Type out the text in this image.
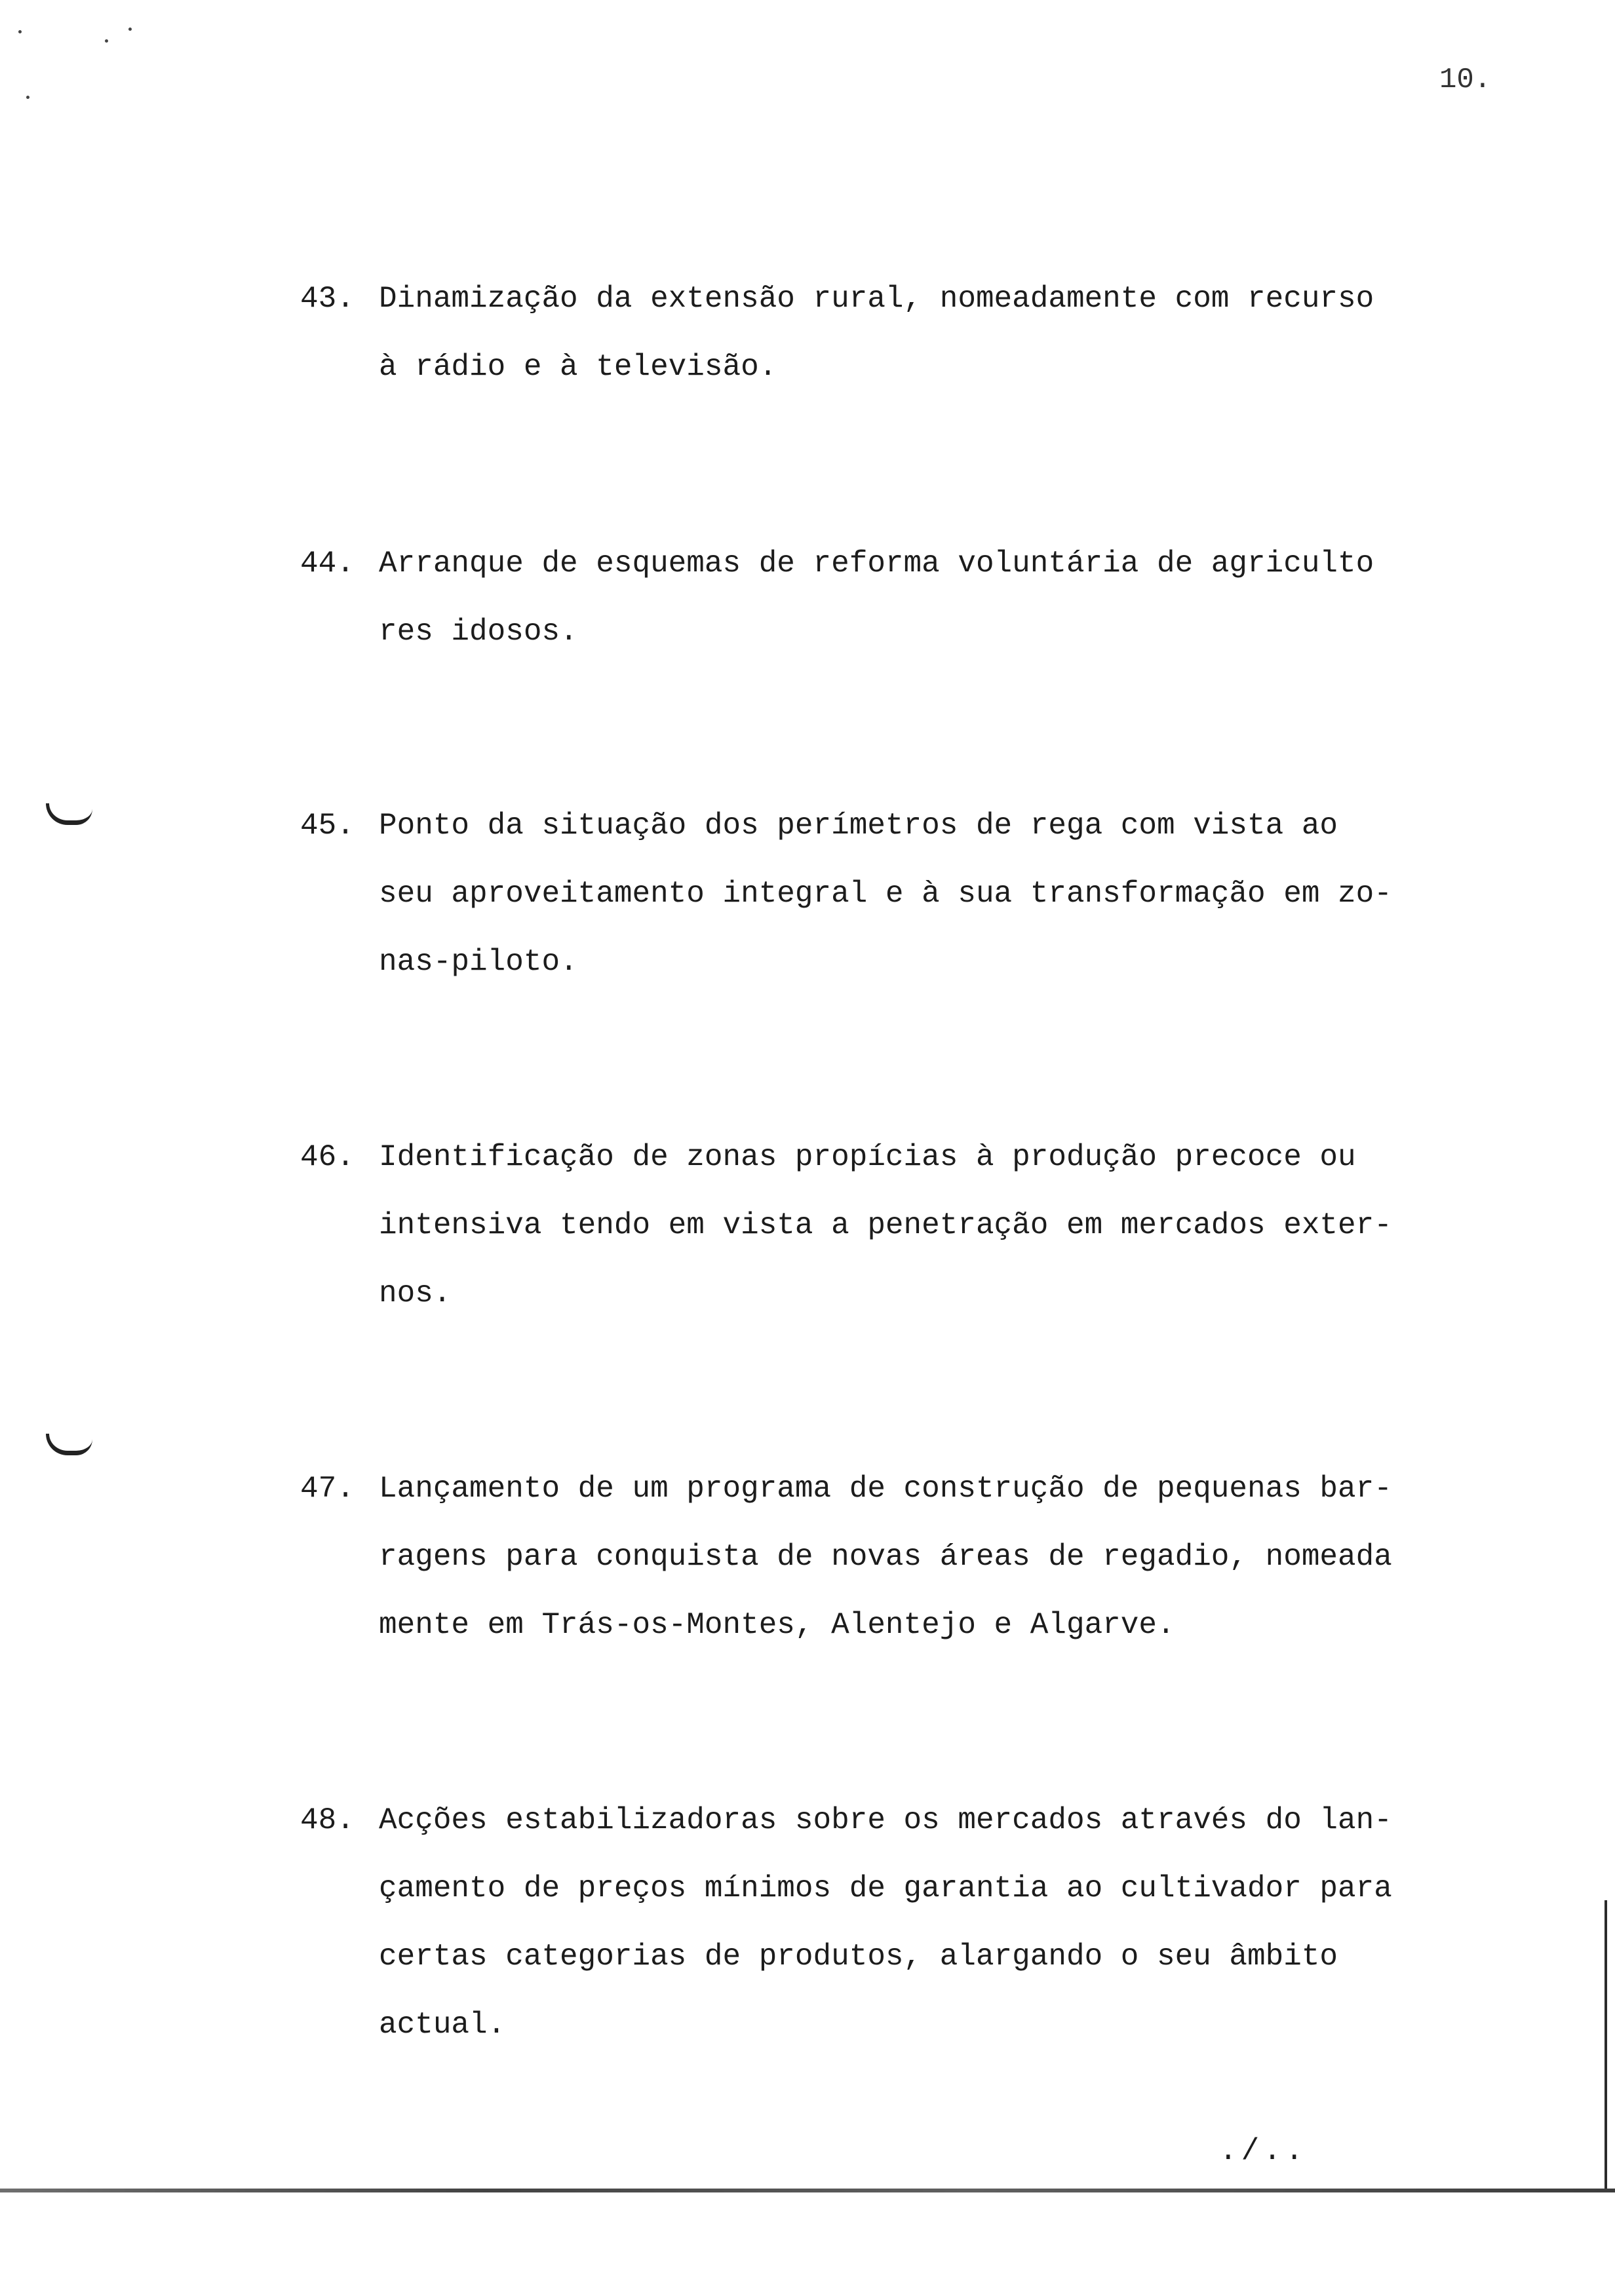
10.
43. Dinamização da extensão rural, nomeadamente com recurso
à rádio e à televisão.
44. Arranque de esquemas de reforma voluntária de agriculto
res idosos.
45. Ponto da situação dos perímetros de rega com vista ao
seu aproveitamento integral e à sua transformação em zo-
nas-piloto.
46. Identificação de zonas propícias à produção precoce ou
intensiva tendo em vista a penetração em mercados exter-
nos.
47. Lançamento de um programa de construção de pequenas bar-
ragens para conquista de novas áreas de regadio, nomeada
mente em Trás-os-Montes, Alentejo e Algarve.
48. Acções estabilizadoras sobre os mercados através do lan-
çamento de preços mínimos de garantia ao cultivador para
certas categorias de produtos, alargando o seu âmbito
actual.
./..
